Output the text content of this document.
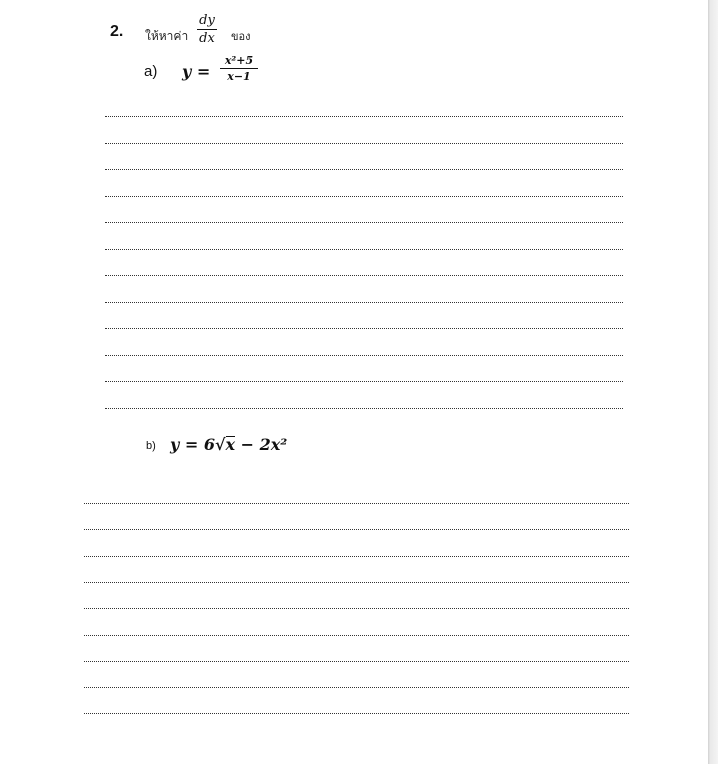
2. ให้หาค่า
dy
dx ของ
a) y =
x²+5
x−1
b) y = 6√x
− 2x²
